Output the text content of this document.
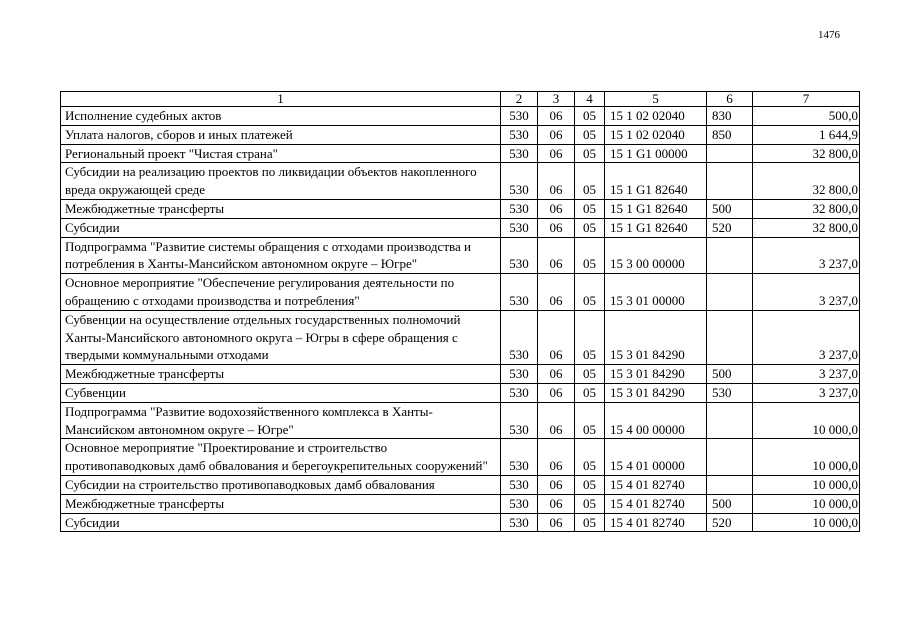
1476
1	2	3	4	5	6	7
Исполнение судебных актов	530	06	05	15 1 02 02040	830	500,0
Уплата налогов, сборов и иных платежей	530	06	05	15 1 02 02040	850	1 644,9
Региональный проект "Чистая страна"	530	06	05	15 1 G1 00000		32 800,0
Субсидии на реализацию проектов по ликвидации объектов накопленного вреда окружающей среде	530	06	05	15 1 G1 82640		32 800,0
Межбюджетные трансферты	530	06	05	15 1 G1 82640	500	32 800,0
Субсидии	530	06	05	15 1 G1 82640	520	32 800,0
Подпрограмма "Развитие системы обращения с отходами производства и потребления в Ханты-Мансийском автономном округе – Югре"	530	06	05	15 3 00 00000		3 237,0
Основное мероприятие "Обеспечение регулирования деятельности по обращению с отходами производства и потребления"	530	06	05	15 3 01 00000		3 237,0
Субвенции на осуществление отдельных государственных полномочий Ханты-Мансийского автономного округа – Югры в сфере обращения с твердыми коммунальными отходами	530	06	05	15 3 01 84290		3 237,0
Межбюджетные трансферты	530	06	05	15 3 01 84290	500	3 237,0
Субвенции	530	06	05	15 3 01 84290	530	3 237,0
Подпрограмма "Развитие водохозяйственного комплекса в Ханты-Мансийском автономном округе – Югре"	530	06	05	15 4 00 00000		10 000,0
Основное мероприятие "Проектирование и строительство противопаводковых дамб обвалования и берегоукрепительных сооружений"	530	06	05	15 4 01 00000		10 000,0
Субсидии на строительство противопаводковых дамб обвалования	530	06	05	15 4 01 82740		10 000,0
Межбюджетные трансферты	530	06	05	15 4 01 82740	500	10 000,0
Субсидии	530	06	05	15 4 01 82740	520	10 000,0
